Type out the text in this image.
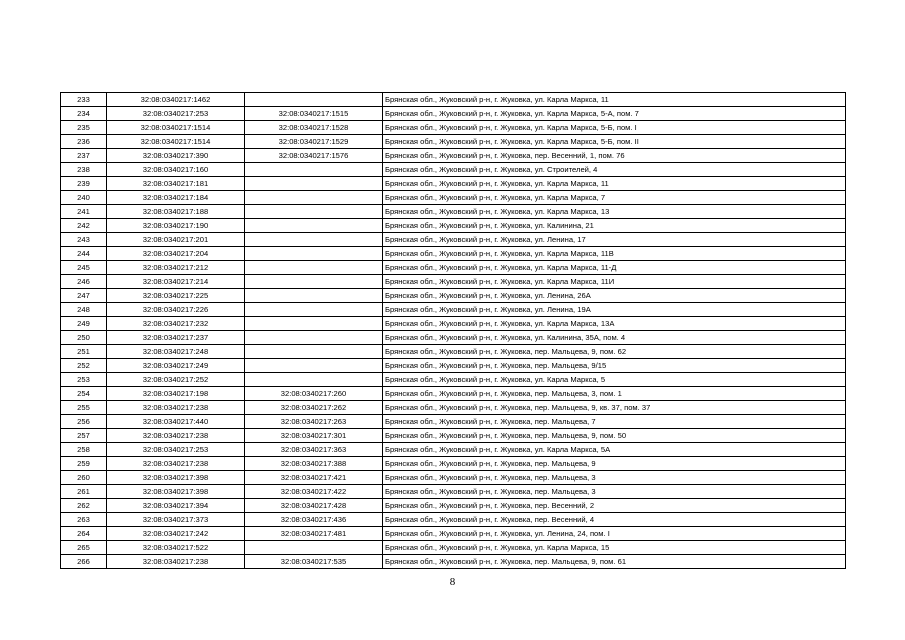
233	32:08:0340217:1462		Брянская обл., Жуковский р-н, г. Жуковка, ул. Карла Маркса, 11
234	32:08:0340217:253	32:08:0340217:1515	Брянская обл., Жуковский р-н, г. Жуковка, ул. Карла Маркса, 5-А, пом. 7
235	32:08:0340217:1514	32:08:0340217:1528	Брянская обл., Жуковский р-н, г. Жуковка, ул. Карла Маркса, 5-Б, пом. I
236	32:08:0340217:1514	32:08:0340217:1529	Брянская обл., Жуковский р-н, г. Жуковка, ул. Карла Маркса, 5-Б, пом. II
237	32:08:0340217:390	32:08:0340217:1576	Брянская обл., Жуковский р-н, г. Жуковка, пер. Весенний, 1, пом. 76
238	32:08:0340217:160		Брянская обл., Жуковский р-н, г. Жуковка, ул. Строителей, 4
239	32:08:0340217:181		Брянская обл., Жуковский р-н, г. Жуковка, ул. Карла Маркса, 11
240	32:08:0340217:184		Брянская обл., Жуковский р-н, г. Жуковка, ул. Карла Маркса, 7
241	32:08:0340217:188		Брянская обл., Жуковский р-н, г. Жуковка, ул. Карла Маркса, 13
242	32:08:0340217:190		Брянская обл., Жуковский р-н, г. Жуковка, ул. Калинина, 21
243	32:08:0340217:201		Брянская обл., Жуковский р-н, г. Жуковка, ул. Ленина, 17
244	32:08:0340217:204		Брянская обл., Жуковский р-н, г. Жуковка, ул. Карла Маркса, 11В
245	32:08:0340217:212		Брянская обл., Жуковский р-н, г. Жуковка, ул. Карла Маркса, 11-Д
246	32:08:0340217:214		Брянская обл., Жуковский р-н, г. Жуковка, ул. Карла Маркса, 11И
247	32:08:0340217:225		Брянская обл., Жуковский р-н, г. Жуковка, ул. Ленина, 26А
248	32:08:0340217:226		Брянская обл., Жуковский р-н, г. Жуковка, ул. Ленина, 19А
249	32:08:0340217:232		Брянская обл., Жуковский р-н, г. Жуковка, ул. Карла Маркса, 13А
250	32:08:0340217:237		Брянская обл., Жуковский р-н, г. Жуковка, ул. Калинина, 35А, пом. 4
251	32:08:0340217:248		Брянская обл., Жуковский р-н, г. Жуковка, пер. Мальцева, 9, пом. 62
252	32:08:0340217:249		Брянская обл., Жуковский р-н, г. Жуковка, пер. Мальцева, 9/15
253	32:08:0340217:252		Брянская обл., Жуковский р-н, г. Жуковка, ул. Карла Маркса, 5
254	32:08:0340217:198	32:08:0340217:260	Брянская обл., Жуковский р-н, г. Жуковка, пер. Мальцева, 3, пом. 1
255	32:08:0340217:238	32:08:0340217:262	Брянская обл., Жуковский р-н, г. Жуковка, пер. Мальцева, 9, кв. 37, пом. 37
256	32:08:0340217:440	32:08:0340217:263	Брянская обл., Жуковский р-н, г. Жуковка, пер. Мальцева, 7
257	32:08:0340217:238	32:08:0340217:301	Брянская обл., Жуковский р-н, г. Жуковка, пер. Мальцева, 9, пом. 50
258	32:08:0340217:253	32:08:0340217:363	Брянская обл., Жуковский р-н, г. Жуковка, ул. Карла Маркса, 5А
259	32:08:0340217:238	32:08:0340217:388	Брянская обл., Жуковский р-н, г. Жуковка, пер. Мальцева, 9
260	32:08:0340217:398	32:08:0340217:421	Брянская обл., Жуковский р-н, г. Жуковка, пер. Мальцева, 3
261	32:08:0340217:398	32:08:0340217:422	Брянская обл., Жуковский р-н, г. Жуковка, пер. Мальцева, 3
262	32:08:0340217:394	32:08:0340217:428	Брянская обл., Жуковский р-н, г. Жуковка, пер. Весенний, 2
263	32:08:0340217:373	32:08:0340217:436	Брянская обл., Жуковский р-н, г. Жуковка, пер. Весенний, 4
264	32:08:0340217:242	32:08:0340217:481	Брянская обл., Жуковский р-н, г. Жуковка, ул. Ленина, 24, пом. I
265	32:08:0340217:522		Брянская обл., Жуковский р-н, г. Жуковка, ул. Карла Маркса, 15
266	32:08:0340217:238	32:08:0340217:535	Брянская обл., Жуковский р-н, г. Жуковка, пер. Мальцева, 9, пом. 61
8
